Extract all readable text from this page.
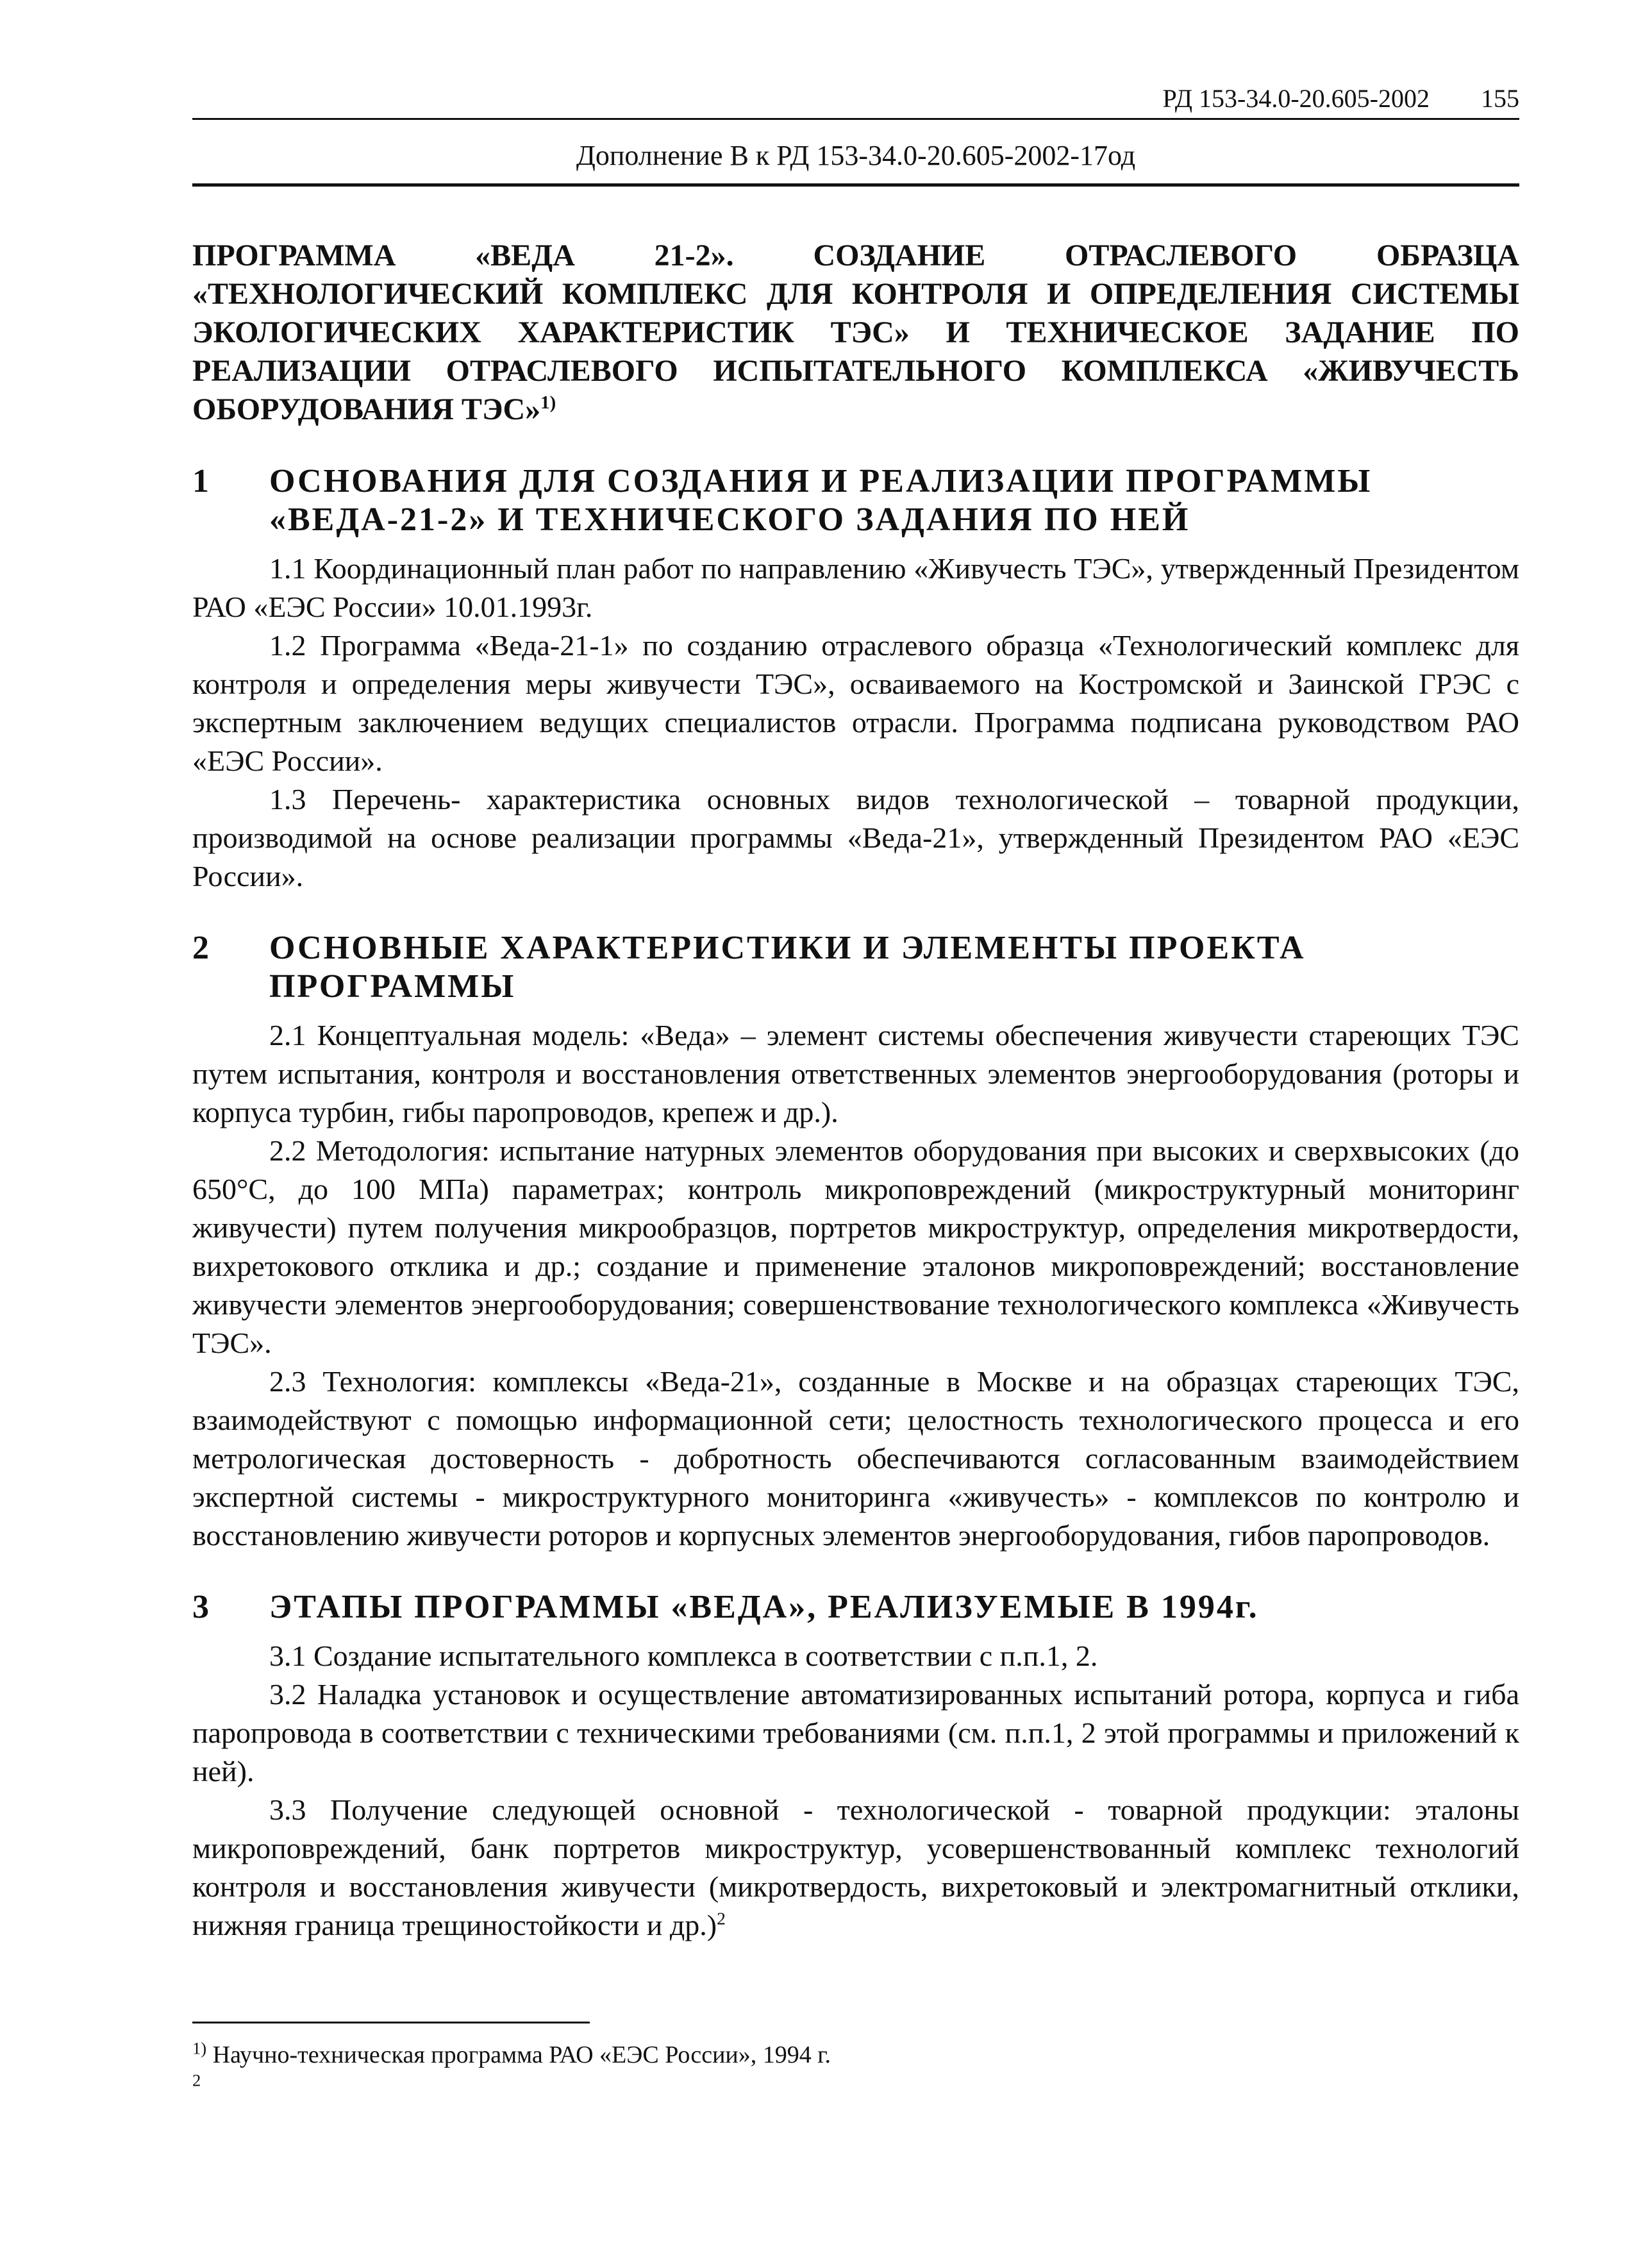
РД 153-34.0-20.605-2002 155
Дополнение В к РД 153-34.0-20.605-2002-17од
ПРОГРАММА «ВЕДА 21-2». СОЗДАНИЕ ОТРАСЛЕВОГО ОБРАЗЦА «ТЕХНОЛОГИЧЕСКИЙ КОМПЛЕКС ДЛЯ КОНТРОЛЯ И ОПРЕДЕЛЕНИЯ СИСТЕМЫ ЭКОЛОГИЧЕСКИХ ХАРАКТЕРИСТИК ТЭС» И ТЕХНИЧЕСКОЕ ЗАДАНИЕ ПО РЕАЛИЗАЦИИ ОТРАСЛЕВОГО ИСПЫТАТЕЛЬНОГО КОМПЛЕКСА «ЖИВУЧЕСТЬ ОБОРУДОВАНИЯ ТЭС»$^{1)}$
1 ОСНОВАНИЯ ДЛЯ СОЗДАНИЯ И РЕАЛИЗАЦИИ ПРОГРАММЫ «ВЕДА-21-2» И ТЕХНИЧЕСКОГО ЗАДАНИЯ ПО НЕЙ

1.1 Координационный план работ по направлению «Живучесть ТЭС», утвержденный Президентом РАО «ЕЭС России» 10.01.1993г.

1.2 Программа «Веда-21-1» по созданию отраслевого образца «Технологический комплекс для контроля и определения меры живучести ТЭС», осваиваемого на Костромской и Заинской ГРЭС с экспертным заключением ведущих специалистов отрасли. Программа подписана руководством РАО «ЕЭС России».

1.3 Перечень- характеристика основных видов технологической – товарной продукции, производимой на основе реализации программы «Веда-21», утвержденный Президентом РАО «ЕЭС России».

2 ОСНОВНЫЕ ХАРАКТЕРИСТИКИ И ЭЛЕМЕНТЫ ПРОЕКТА ПРОГРАММЫ

2.1 Концептуальная модель: «Веда» – элемент системы обеспечения живучести стареющих ТЭС путем испытания, контроля и восстановления ответственных элементов энергооборудования (роторы и корпуса турбин, гибы паропроводов, крепеж и др.).

2.2 Методология: испытание натурных элементов оборудования при высоких и сверхвысоких (до 650°С, до 100 МПа) параметрах; контроль микроповреждений (микроструктурный мониторинг живучести) путем получения микрообразцов, портретов микроструктур, определения микротвердости, вихретокового отклика и др.; создание и применение эталонов микроповреждений; восстановление живучести элементов энергооборудования; совершенствование технологического комплекса «Живучесть ТЭС».

2.3 Технология: комплексы «Веда-21», созданные в Москве и на образцах стареющих ТЭС, взаимодействуют с помощью информационной сети; целостность технологического процесса и его метрологическая достоверность - добротность обеспечиваются согласованным взаимодействием экспертной системы - микроструктурного мониторинга «живучесть» - комплексов по контролю и восстановлению живучести роторов и корпусных элементов энергооборудования, гибов паропроводов.

3 ЭТАПЫ ПРОГРАММЫ «ВЕДА», РЕАЛИЗУЕМЫЕ В 1994г.

3.1 Создание испытательного комплекса в соответствии с п.п.1, 2.

3.2 Наладка установок и осуществление автоматизированных испытаний ротора, корпуса и гиба паропровода в соответствии с техническими требованиями (см. п.п.1, 2 этой программы и приложений к ней).

3.3 Получение следующей основной - технологической - товарной продукции: эталоны микроповреждений, банк портретов микроструктур, усовершенствованный комплекс технологий контроля и восстановления живучести (микротвердость, вихретоковый и электромагнитный отклики, нижняя граница трещиностойкости и др.)$^2$

$^{1)}$ Научно-техническая программа РАО «ЕЭС России», 1994 г.
$^2$
